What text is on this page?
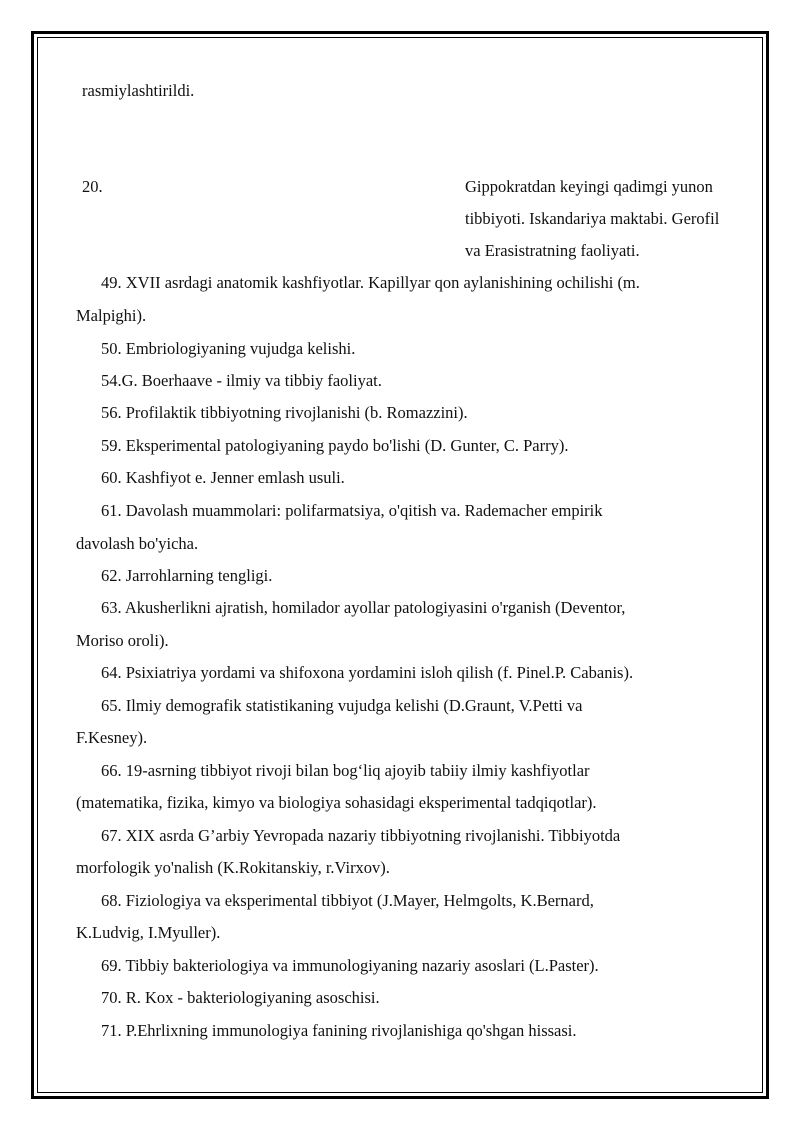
rasmiylashtirildi.
20.	Gippokratdan keyingi qadimgi yunon
tibbiyoti. Iskandariya maktabi. Gerofil
va Erasistratning faoliyati.
49. XVII asrdagi anatomik kashfiyotlar. Kapillyar qon aylanishining ochilishi (m.
Malpighi).
50. Embriologiyaning vujudga kelishi.
54.G. Boerhaave - ilmiy va tibbiy faoliyat.
56. Profilaktik tibbiyotning rivojlanishi (b. Romazzini).
59. Eksperimental patologiyaning paydo bo'lishi (D. Gunter, C. Parry).
60. Kashfiyot e. Jenner emlash usuli.
61. Davolash muammolari: polifarmatsiya, o'qitish va. Rademacher empirik
davolash bo'yicha.
62. Jarrohlarning tengligi.
63. Akusherlikni ajratish, homilador ayollar patologiyasini o'rganish (Deventor,
Moriso oroli).
64. Psixiatriya yordami va shifoxona yordamini isloh qilish (f. Pinel.P. Cabanis).
65. Ilmiy demografik statistikaning vujudga kelishi (D.Graunt, V.Petti va
F.Kesney).
66. 19-asrning tibbiyot rivoji bilan bog‘liq ajoyib tabiiy ilmiy kashfiyotlar
(matematika, fizika, kimyo va biologiya sohasidagi eksperimental tadqiqotlar).
67. XIX asrda G’arbiy Yevropada nazariy tibbiyotning rivojlanishi. Tibbiyotda
morfologik yo'nalish (K.Rokitanskiy, r.Virxov).
68. Fiziologiya va eksperimental tibbiyot (J.Mayer, Helmgolts, K.Bernard,
K.Ludvig, I.Myuller).
69. Tibbiy bakteriologiya va immunologiyaning nazariy asoslari (L.Paster).
70. R. Kox - bakteriologiyaning asoschisi.
71. P.Ehrlixning immunologiya fanining rivojlanishiga qo'shgan hissasi.
